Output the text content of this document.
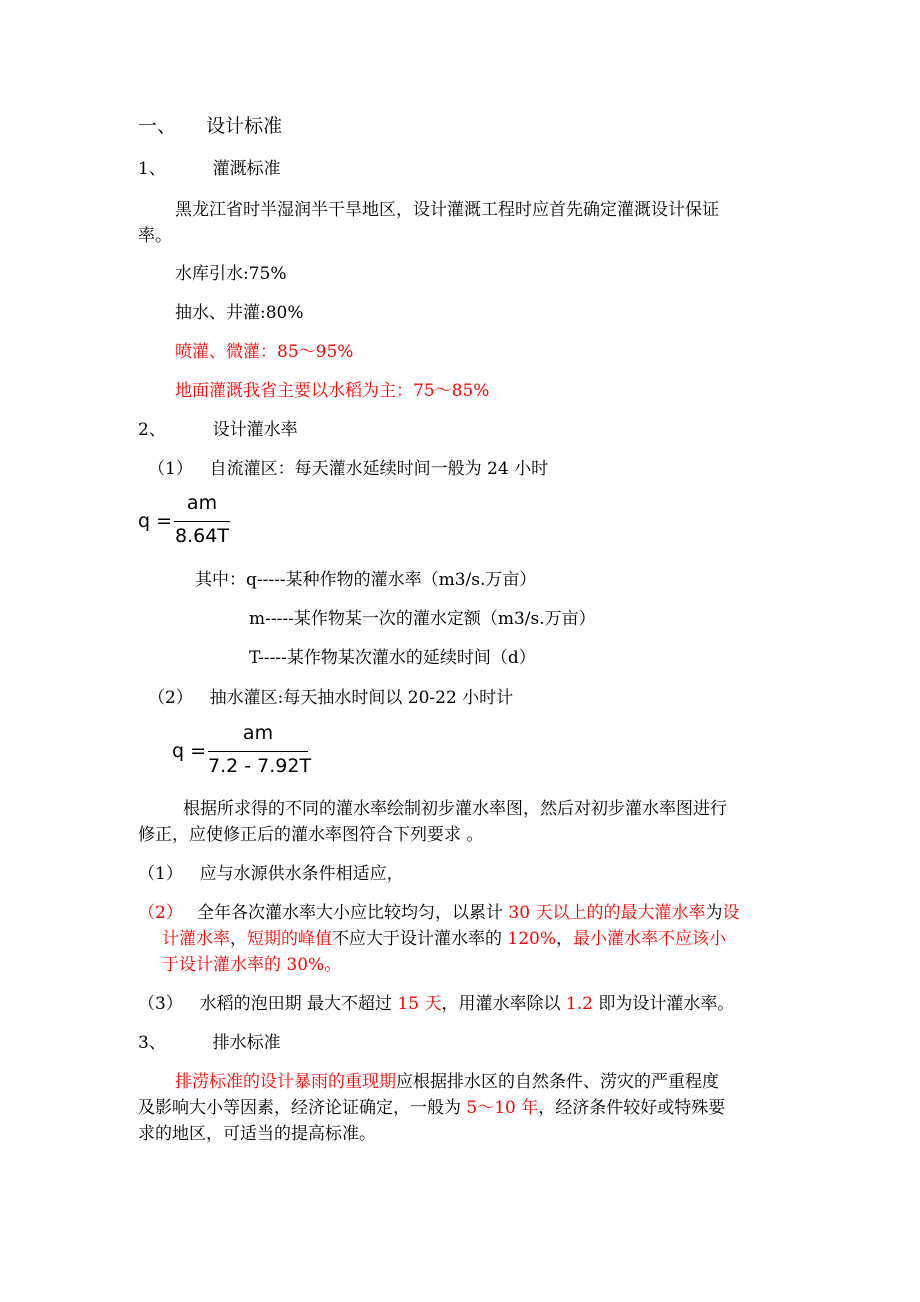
一、 设计标准
1、	灌溉标准
黑龙江省时半湿润半干旱地区，设计灌溉工程时应首先确定灌溉设计保证
率。
水库引水:75%
抽水、井灌:80%
喷灌、微灌：85～95%
地面灌溉我省主要以水稻为主：75～85%
2、	设计灌水率
（1） 自流灌区：每天灌水延续时间一般为 24 小时
q =
am
8.64T
其中：q-----某种作物的灌水率（m3/s.万亩）
m-----某作物某一次的灌水定额（m3/s.万亩）
T-----某作物某次灌水的延续时间（d）
（2） 抽水灌区:每天抽水时间以 20-22 小时计
q =
am
7.2 - 7.92T
根据所求得的不同的灌水率绘制初步灌水率图，然后对初步灌水率图进行
修正，应使修正后的灌水率图符合下列要求 。
（1） 应与水源供水条件相适应，
（2） 全年各次灌水率大小应比较均匀，以累计 30 天以上的的最大灌水率为设
计灌水率，短期的峰值不应大于设计灌水率的 120%，最小灌水率不应该小
于设计灌水率的 30%。
（3） 水稻的泡田期 最大不超过 15 天，用灌水率除以 1.2 即为设计灌水率。
3、	排水标准
排涝标准的设计暴雨的重现期应根据排水区的自然条件、涝灾的严重程度
及影响大小等因素，经济论证确定，一般为 5～10 年，经济条件较好或特殊要
求的地区，可适当的提高标准。
